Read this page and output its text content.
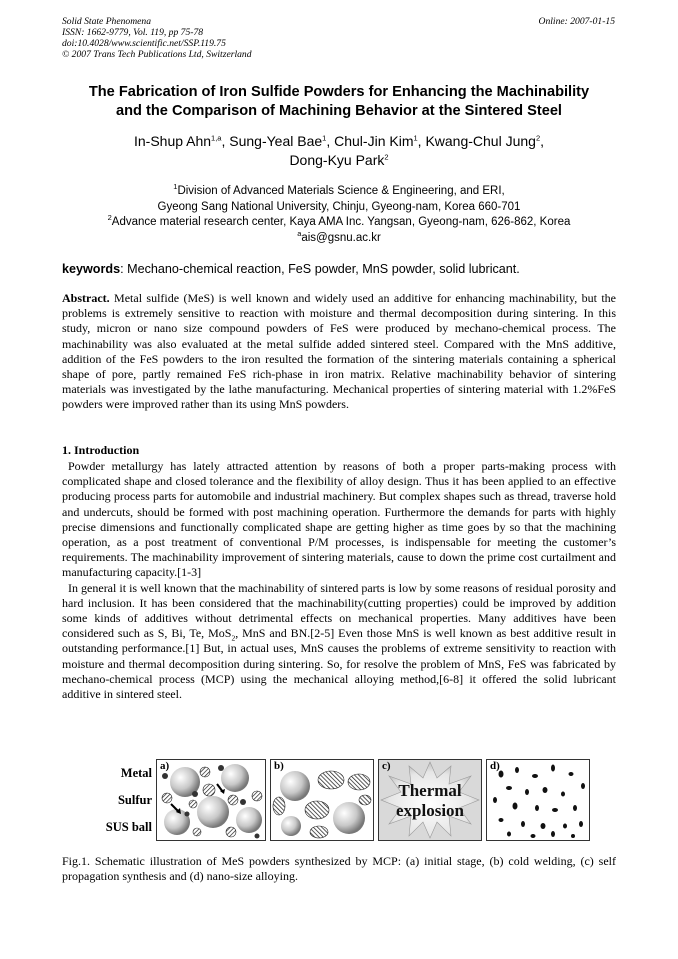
Solid State Phenomena
ISSN: 1662-9779, Vol. 119, pp 75-78
doi:10.4028/www.scientific.net/SSP.119.75
© 2007 Trans Tech Publications Ltd, Switzerland
Online: 2007-01-15
The Fabrication of Iron Sulfide Powders for Enhancing the Machinability
and the Comparison of Machining Behavior at the Sintered Steel
In-Shup Ahn$^{1,a}$, Sung-Yeal Bae$^1$, Chul-Jin Kim$^1$, Kwang-Chul Jung$^2$,
Dong-Kyu Park$^2$
$^1$Division of Advanced Materials Science & Engineering, and ERI,
Gyeong Sang National University, Chinju, Gyeong-nam, Korea 660-701
$^2$Advance material research center, Kaya AMA Inc. Yangsan, Gyeong-nam, 626-862, Korea
$^a$ais@gsnu.ac.kr
keywords: Mechano-chemical reaction, FeS powder, MnS powder, solid lubricant.
Abstract. Metal sulfide (MeS) is well known and widely used an additive for enhancing machinability, but the problems is extremely sensitive to reaction with moisture and thermal decomposition during sintering. In this study, micron or nano size compound powders of FeS were produced by mechano-chemical process. The machinability was also evaluated at the metal sulfide added sintered steel. Compared with the MnS additive, addition of the FeS powders to the iron resulted the formation of the sintering materials containing a spherical shape of pore, partly remained FeS rich-phase in iron matrix. Relative machinability behavior of sintering materials was investigated by the lathe manufacturing. Mechanical properties of sintering material with 1.2%FeS powders were improved rather than its using MnS powders.
1. Introduction

Powder metallurgy has lately attracted attention by reasons of both a proper parts-making process with complicated shape and closed tolerance and the flexibility of alloy design. Thus it has been applied to an effective producing process parts for automobile and industrial machinery. But complex shapes such as thread, traverse hold and undercuts, should be formed with post machining operation. Furthermore the demands for parts with highly precise dimensions and functionally complicated shape are getting higher as time goes by so that the machining operation, as a post treatment of conventional P/M processes, is indispensable for meeting the customer’s requirements. The machinability improvement of sintering materials, cause to down the prime cost curtailment and manufacturing capacity.[1-3]

In general it is well known that the machinability of sintered parts is low by some reasons of residual porosity and hard inclusion. It has been considered that the machinability(cutting properties) could be improved by addition some kinds of additives without detrimental effects on mechanical properties. Many additives have been considered such as S, Bi, Te, MoS$_2$, MnS and BN.[2-5] Even those MnS is well known as best additive result in outstanding performance.[1] But, in actual uses, MnS causes the problems of extreme sensitivity to reaction with moisture and thermal decomposition during sintering. So, for resolve the problem of MnS, FeS was fabricated by mechano-chemical process (MCP) using the mechanical alloying method,[6-8] it offered the solid lubricant additive in sintered steel.

Metal
Sulfur
SUS ball
a)	b)
Thermal
explosion
c)	d)
Fig.1. Schematic illustration of MeS powders synthesized by MCP: (a) initial stage, (b) cold welding, (c) self propagation synthesis and (d) nano-size alloying.
